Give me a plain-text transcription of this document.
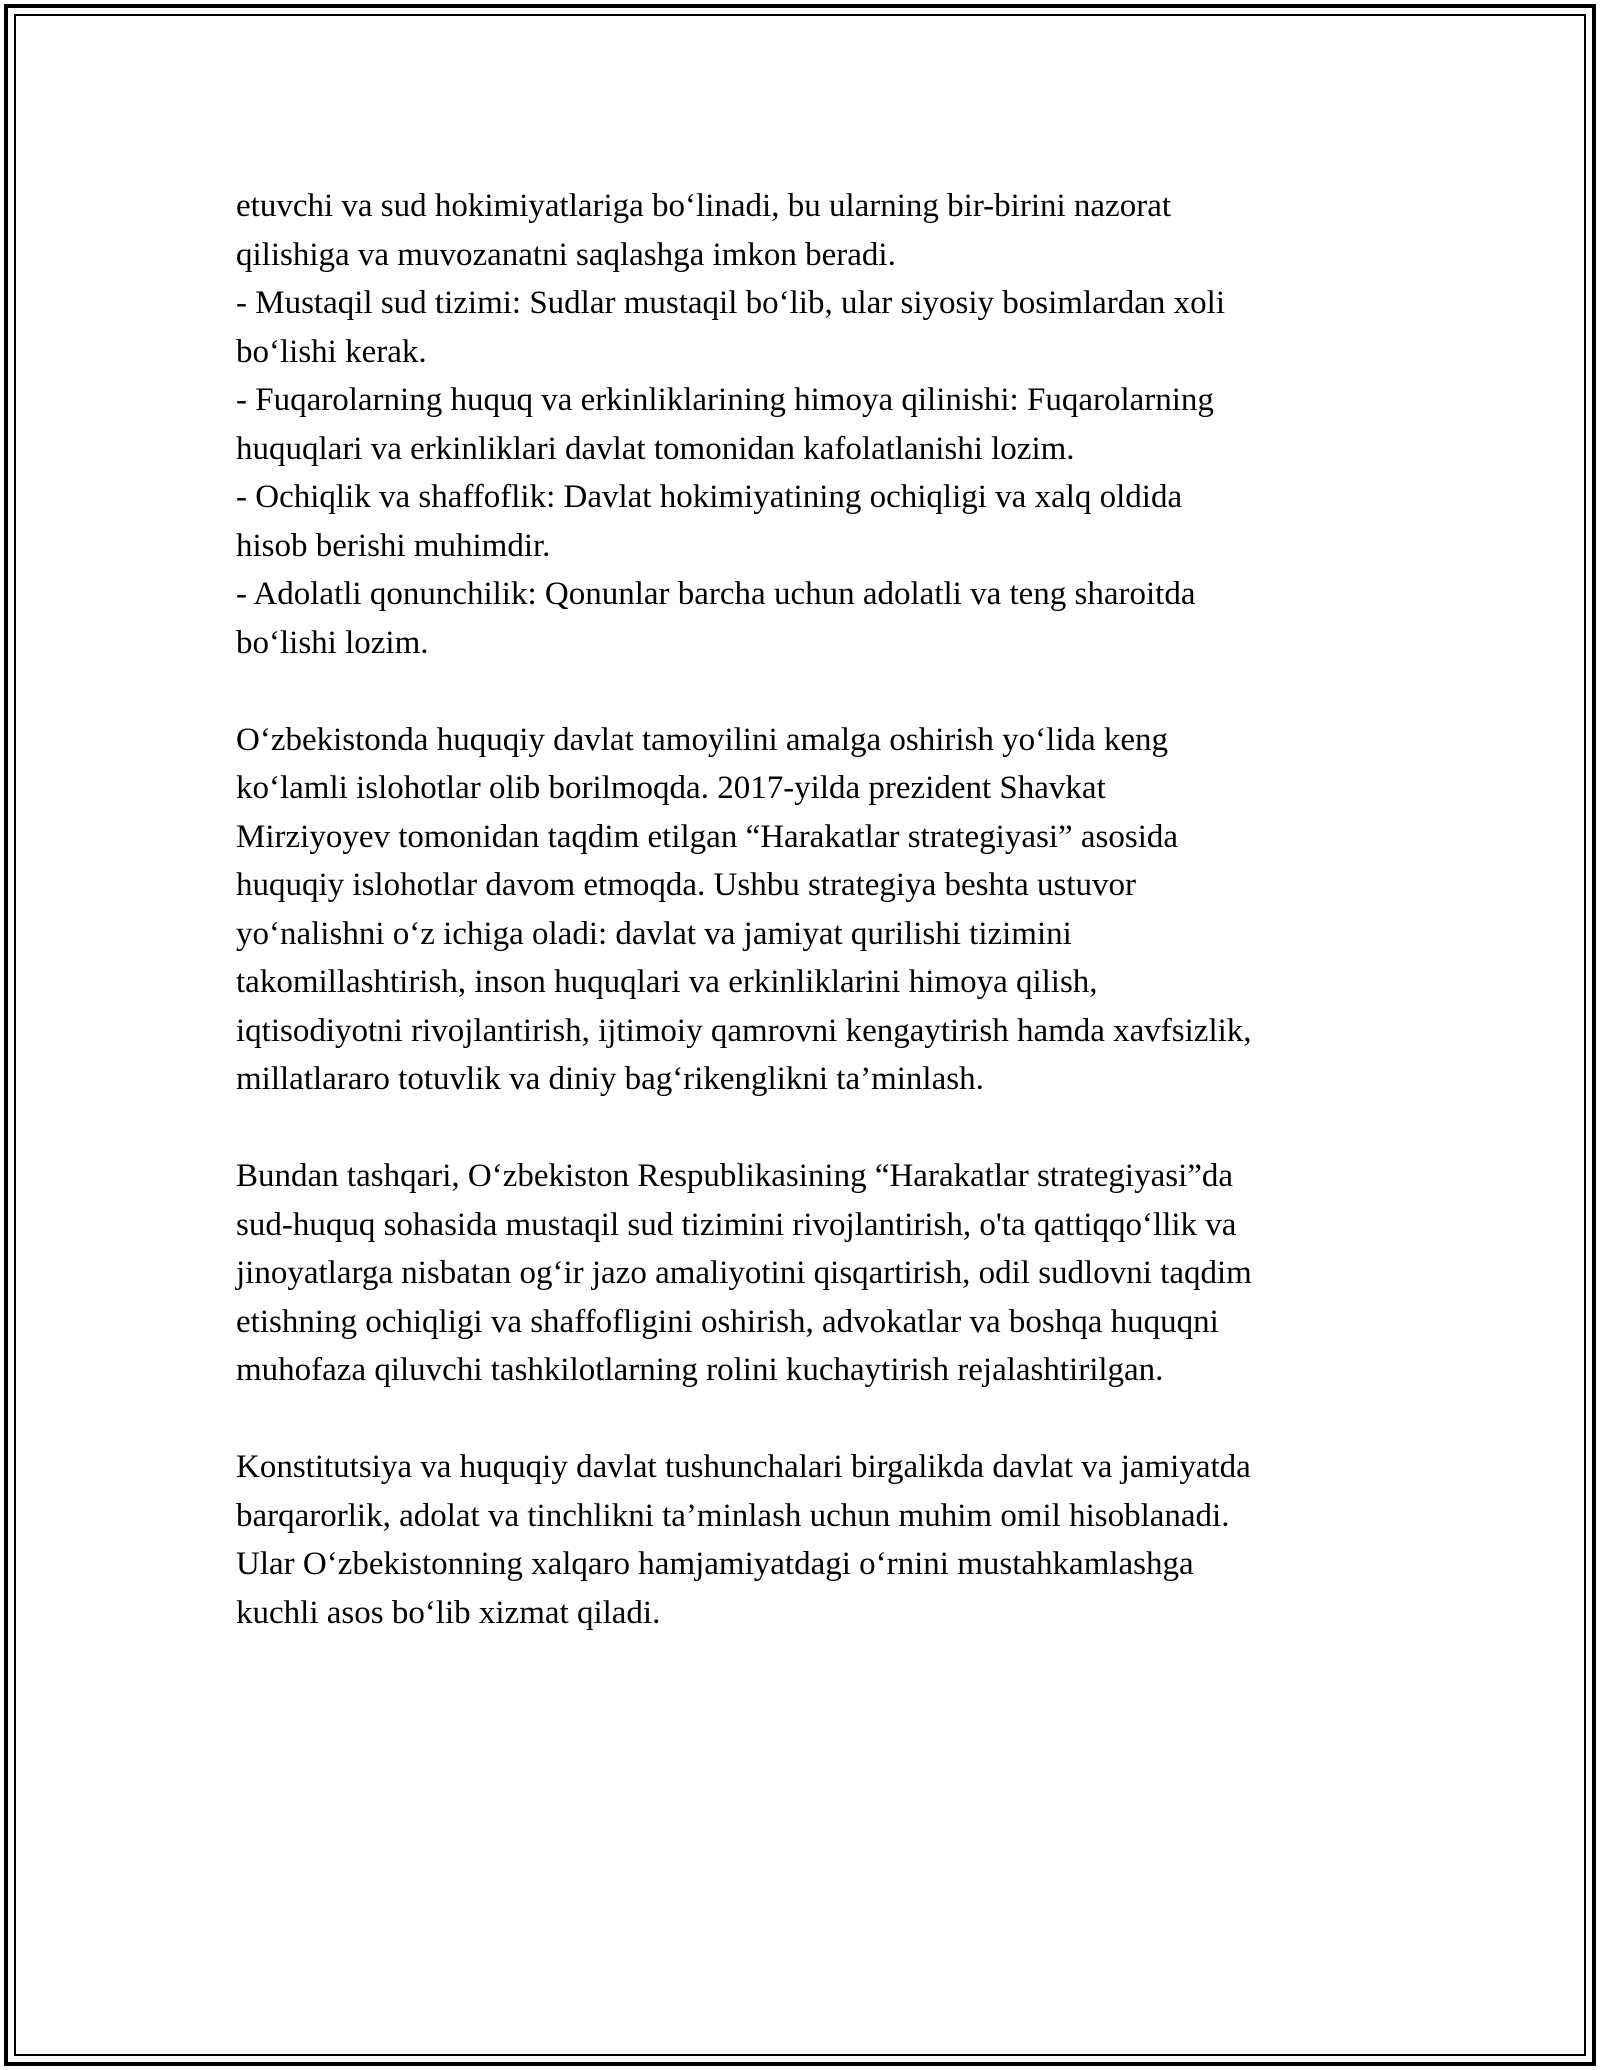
etuvchi va sud hokimiyatlariga bo‘linadi, bu ularning bir-birini nazorat
qilishiga va muvozanatni saqlashga imkon beradi.
- Mustaqil sud tizimi: Sudlar mustaqil bo‘lib, ular siyosiy bosimlardan xoli
bo‘lishi kerak.
- Fuqarolarning huquq va erkinliklarining himoya qilinishi: Fuqarolarning
huquqlari va erkinliklari davlat tomonidan kafolatlanishi lozim.
- Ochiqlik va shaffoflik: Davlat hokimiyatining ochiqligi va xalq oldida
hisob berishi muhimdir.
- Adolatli qonunchilik: Qonunlar barcha uchun adolatli va teng sharoitda
bo‘lishi lozim.

O‘zbekistonda huquqiy davlat tamoyilini amalga oshirish yo‘lida keng
ko‘lamli islohotlar olib borilmoqda. 2017-yilda prezident Shavkat
Mirziyoyev tomonidan taqdim etilgan “Harakatlar strategiyasi” asosida
huquqiy islohotlar davom etmoqda. Ushbu strategiya beshta ustuvor
yo‘nalishni o‘z ichiga oladi: davlat va jamiyat qurilishi tizimini
takomillashtirish, inson huquqlari va erkinliklarini himoya qilish,
iqtisodiyotni rivojlantirish, ijtimoiy qamrovni kengaytirish hamda xavfsizlik,
millatlararo totuvlik va diniy bag‘rikenglikni ta’minlash.

Bundan tashqari, O‘zbekiston Respublikasining “Harakatlar strategiyasi”da
sud-huquq sohasida mustaqil sud tizimini rivojlantirish, o'ta qattiqqo‘llik va
jinoyatlarga nisbatan og‘ir jazo amaliyotini qisqartirish, odil sudlovni taqdim
etishning ochiqligi va shaffofligini oshirish, advokatlar va boshqa huquqni
muhofaza qiluvchi tashkilotlarning rolini kuchaytirish rejalashtirilgan.

Konstitutsiya va huquqiy davlat tushunchalari birgalikda davlat va jamiyatda
barqarorlik, adolat va tinchlikni ta’minlash uchun muhim omil hisoblanadi.
Ular O‘zbekistonning xalqaro hamjamiyatdagi o‘rnini mustahkamlashga
kuchli asos bo‘lib xizmat qiladi.
